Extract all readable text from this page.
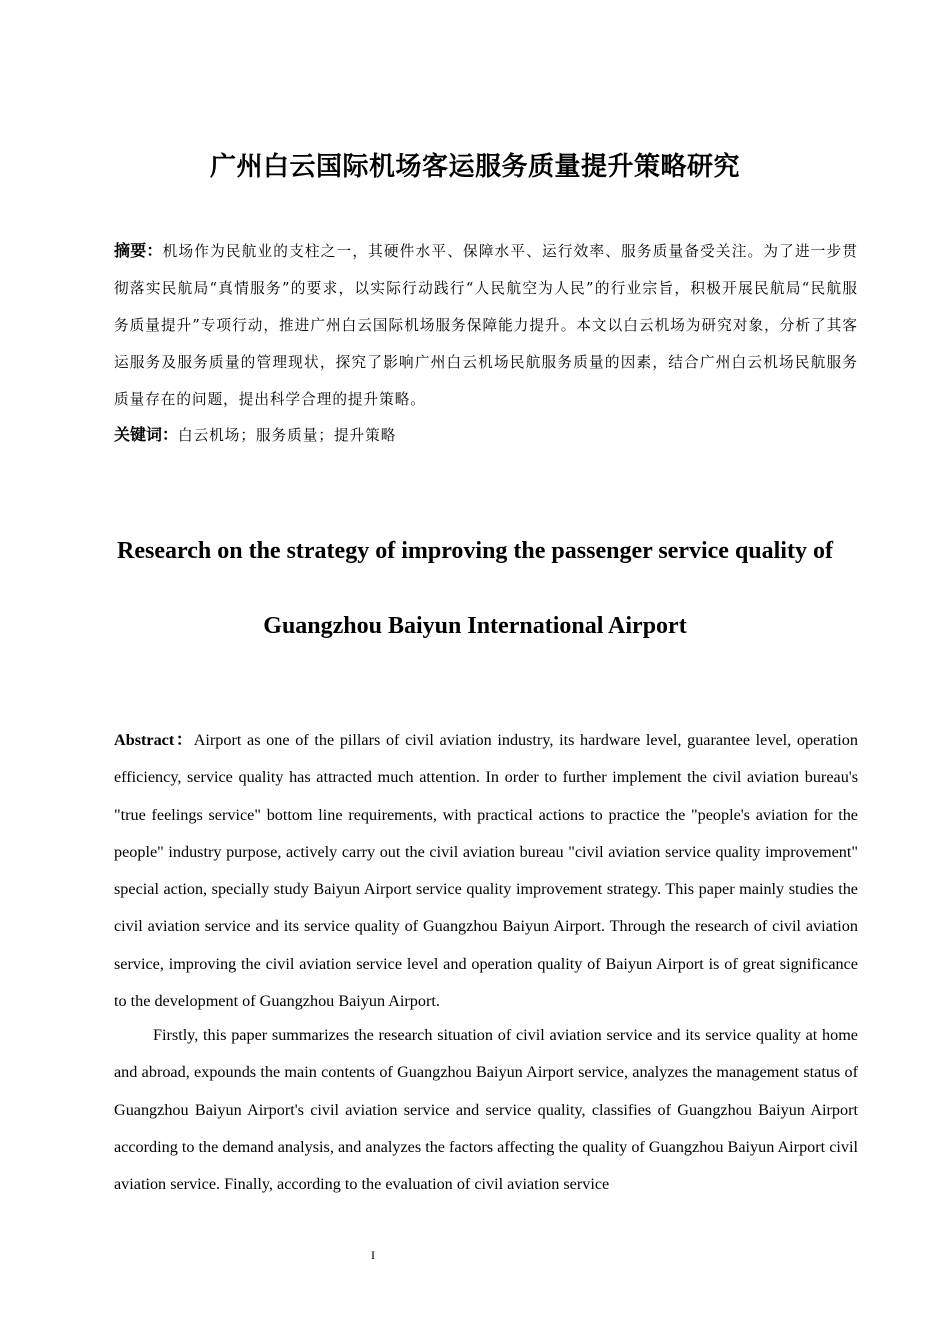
广州白云国际机场客运服务质量提升策略研究
摘要：机场作为民航业的支柱之一，其硬件水平、保障水平、运行效率、服务质量备受关注。为了进一步贯彻落实民航局“真情服务”的要求，以实际行动践行“人民航空为人民”的行业宗旨，积极开展民航局“民航服务质量提升”专项行动，推进广州白云国际机场服务保障能力提升。本文以白云机场为研究对象，分析了其客运服务及服务质量的管理现状，探究了影响广州白云机场民航服务质量的因素，结合广州白云机场民航服务质量存在的问题，提出科学合理的提升策略。
关键词：白云机场；服务质量；提升策略
Research on the strategy of improving the passenger service quality of
Guangzhou Baiyun International Airport

Abstract：Airport as one of the pillars of civil aviation industry, its hardware level, guarantee level, operation efficiency, service quality has attracted much attention. In order to further implement the civil aviation bureau's "true feelings service" bottom line requirements, with practical actions to practice the "people's aviation for the people" industry purpose, actively carry out the civil aviation bureau "civil aviation service quality improvement" special action, specially study Baiyun Airport service quality improvement strategy. This paper mainly studies the civil aviation service and its service quality of Guangzhou Baiyun Airport. Through the research of civil aviation service, improving the civil aviation service level and operation quality of Baiyun Airport is of great significance to the development of Guangzhou Baiyun Airport.

Firstly, this paper summarizes the research situation of civil aviation service and its service quality at home and abroad, expounds the main contents of Guangzhou Baiyun Airport service, analyzes the management status of Guangzhou Baiyun Airport's civil aviation service and service quality, classifies of Guangzhou Baiyun Airport according to the demand analysis, and analyzes the factors affecting the quality of Guangzhou Baiyun Airport civil aviation service. Finally, according to the evaluation of civil aviation service

I
